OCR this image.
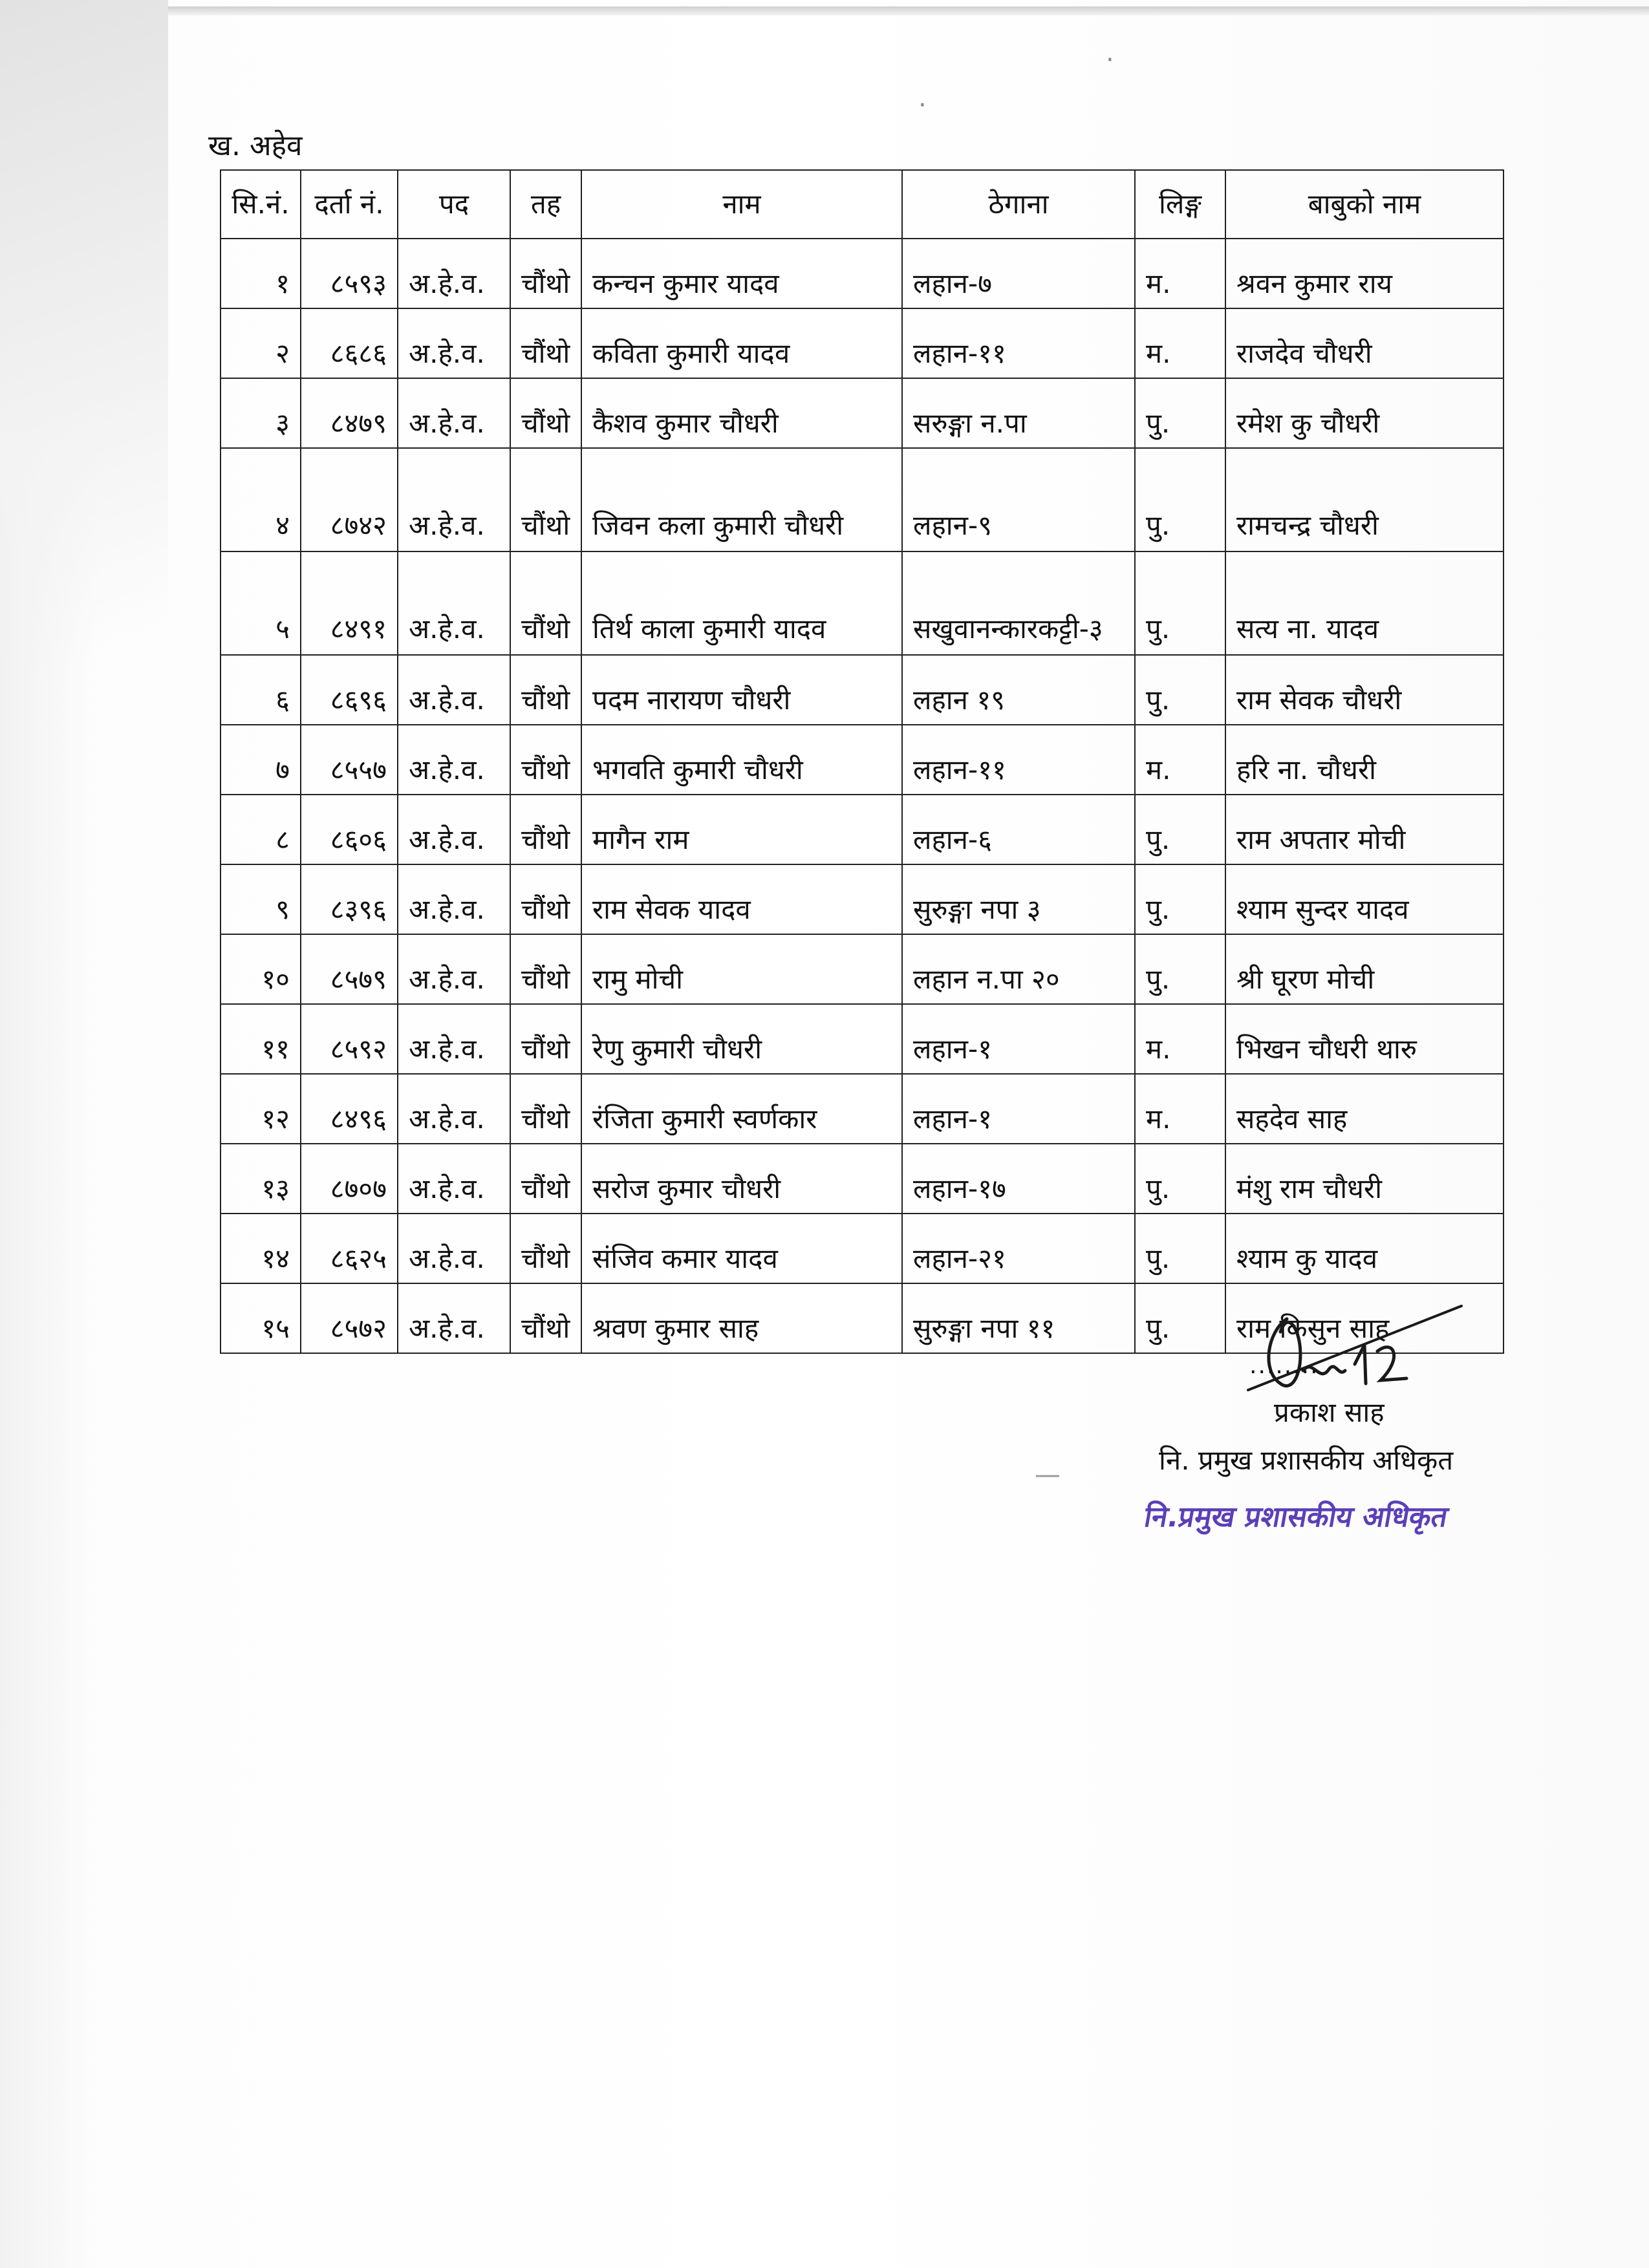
·
·
ख. अहेव
सि.नं.	दर्ता नं.	पद	तह	नाम	ठेगाना	लिङ्ग	बाबुको नाम
१	८५९३	अ.हे.व.	चौंथो	कन्चन कुमार यादव	लहान-७	म.	श्रवन कुमार राय
२	८६८६	अ.हे.व.	चौंथो	कविता कुमारी यादव	लहान-११	म.	राजदेव चौधरी
३	८४७९	अ.हे.व.	चौंथो	कैशव कुमार चौधरी	सरुङ्गा न.पा	पु.	रमेश कु चौधरी
४	८७४२	अ.हे.व.	चौंथो	जिवन कला कुमारी चौधरी	लहान-९	पु.	रामचन्द्र चौधरी
५	८४९१	अ.हे.व.	चौंथो	तिर्थ काला कुमारी यादव	सखुवानन्कारकट्टी-३	पु.	सत्य ना. यादव
६	८६९६	अ.हे.व.	चौंथो	पदम नारायण चौधरी	लहान १९	पु.	राम सेवक चौधरी
७	८५५७	अ.हे.व.	चौंथो	भगवति कुमारी चौधरी	लहान-११	म.	हरि ना. चौधरी
८	८६०६	अ.हे.व.	चौंथो	मागैन राम	लहान-६	पु.	राम अपतार मोची
९	८३९६	अ.हे.व.	चौंथो	राम सेवक यादव	सुरुङ्गा नपा ३	पु.	श्याम सुन्दर यादव
१०	८५७९	अ.हे.व.	चौंथो	रामु मोची	लहान न.पा २०	पु.	श्री घूरण मोची
११	८५९२	अ.हे.व.	चौंथो	रेणु कुमारी चौधरी	लहान-१	म.	भिखन चौधरी थारु
१२	८४९६	अ.हे.व.	चौंथो	रंजिता कुमारी स्वर्णकार	लहान-१	म.	सहदेव साह
१३	८७०७	अ.हे.व.	चौंथो	सरोज कुमार चौधरी	लहान-१७	पु.	मंशु राम चौधरी
१४	८६२५	अ.हे.व.	चौंथो	संजिव कमार यादव	लहान-२१	पु.	श्याम कु यादव
१५	८५७२	अ.हे.व.	चौंथो	श्रवण कुमार साह	सुरुङ्गा नपा ११	पु.	राम किसुन साह
—
........
प्रकाश साह
नि. प्रमुख प्रशासकीय अधिकृत
नि.प्रमुख प्रशासकीय अधिकृत
